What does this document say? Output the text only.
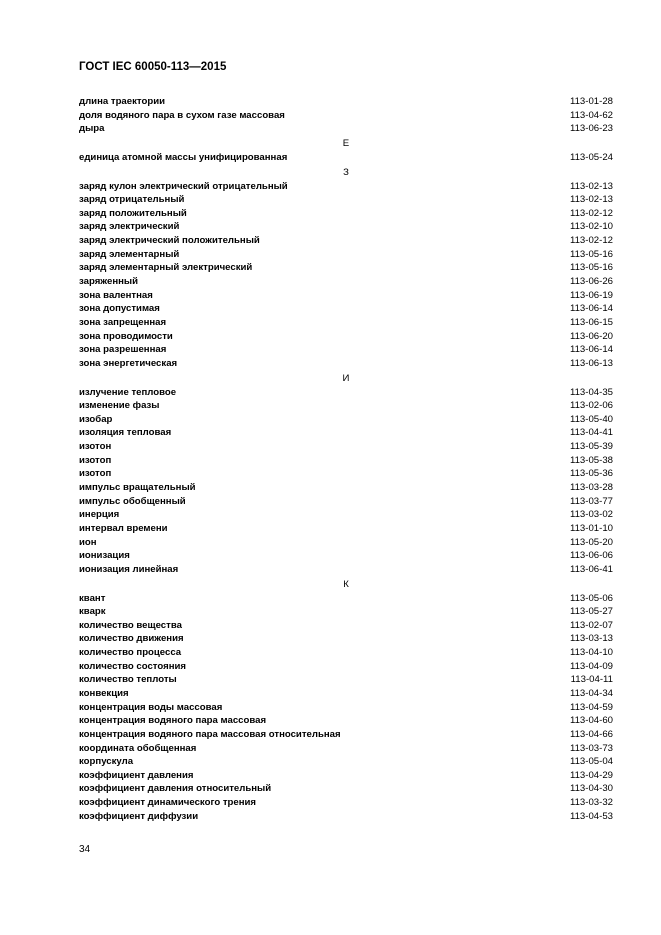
ГОСТ IEC 60050-113—2015
длина траектории	113-01-28
доля водяного пара в сухом газе массовая	113-04-62
дыра	113-06-23
Е
единица атомной массы унифицированная	113-05-24
З
заряд кулон электрический отрицательный	113-02-13
заряд отрицательный	113-02-13
заряд положительный	113-02-12
заряд электрический	113-02-10
заряд электрический положительный	113-02-12
заряд элементарный	113-05-16
заряд элементарный электрический	113-05-16
заряженный	113-06-26
зона валентная	113-06-19
зона допустимая	113-06-14
зона запрещенная	113-06-15
зона проводимости	113-06-20
зона разрешенная	113-06-14
зона энергетическая	113-06-13
И
излучение тепловое	113-04-35
изменение фазы	113-02-06
изобар	113-05-40
изоляция тепловая	113-04-41
изотон	113-05-39
изотоп	113-05-38
изотоп	113-05-36
импульс вращательный	113-03-28
импульс обобщенный	113-03-77
инерция	113-03-02
интервал времени	113-01-10
ион	113-05-20
ионизация	113-06-06
ионизация линейная	113-06-41
К
квант	113-05-06
кварк	113-05-27
количество вещества	113-02-07
количество движения	113-03-13
количество процесса	113-04-10
количество состояния	113-04-09
количество теплоты	113-04-11
конвекция	113-04-34
концентрация воды массовая	113-04-59
концентрация водяного пара массовая	113-04-60
концентрация водяного пара массовая относительная	113-04-66
координата обобщенная	113-03-73
корпускула	113-05-04
коэффициент давления	113-04-29
коэффициент давления относительный	113-04-30
коэффициент динамического трения	113-03-32
коэффициент диффузии	113-04-53
34
